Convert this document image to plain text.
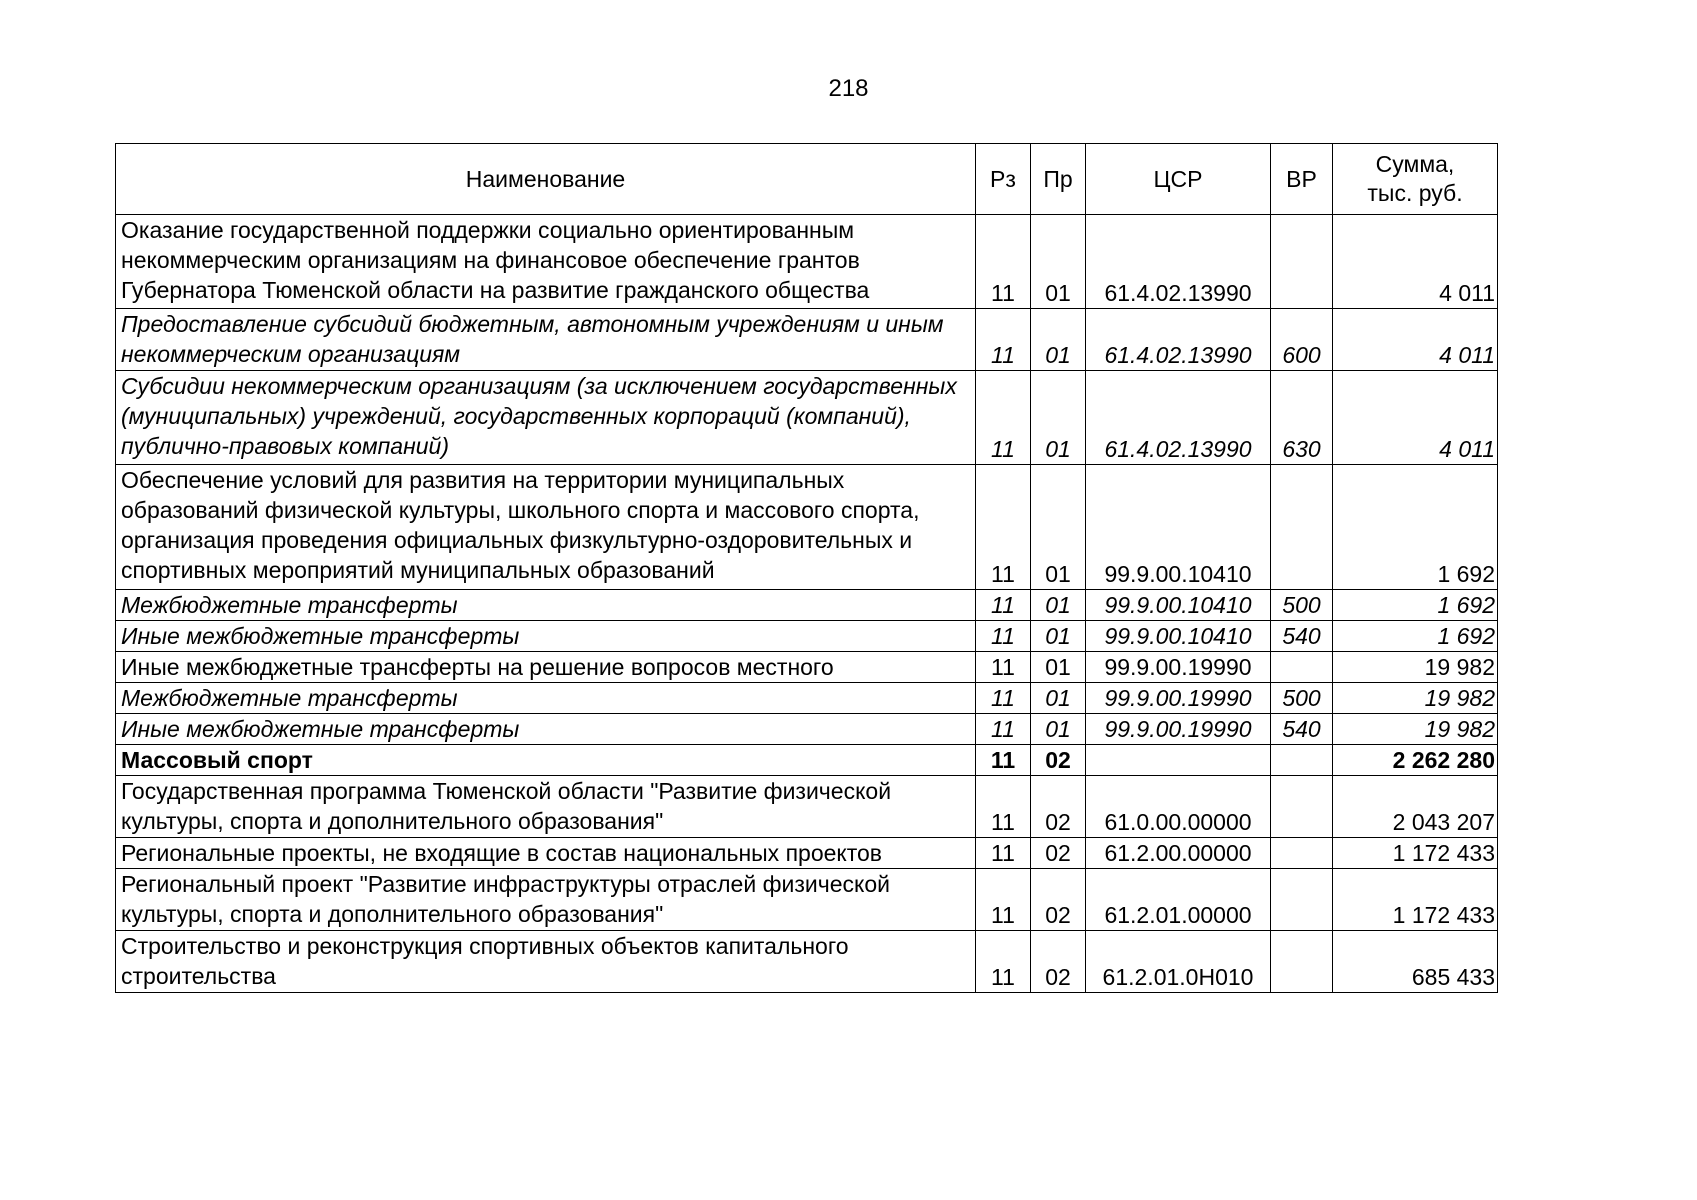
218
Наименование	Рз	Пр	ЦСР	ВР	Сумма,
тыс. руб.

Оказание государственной поддержки социально ориентированным некоммерческим организациям на финансовое обеспечение грантов Губернатора Тюменской области на развитие гражданского общества	11	01	61.4.02.13990		4 011
Предоставление субсидий бюджетным, автономным учреждениям и иным некоммерческим организациям	11	01	61.4.02.13990	600	4 011
Субсидии некоммерческим организациям (за исключением государственных (муниципальных) учреждений, государственных корпораций (компаний), публично-правовых компаний)	11	01	61.4.02.13990	630	4 011
Обеспечение условий для развития на территории муниципальных образований физической культуры, школьного спорта и массового спорта, организация проведения официальных физкультурно-оздоровительных и спортивных мероприятий муниципальных образований	11	01	99.9.00.10410		1 692
Межбюджетные трансферты	11	01	99.9.00.10410	500	1 692
Иные межбюджетные трансферты	11	01	99.9.00.10410	540	1 692
Иные межбюджетные трансферты на решение вопросов местного	11	01	99.9.00.19990		19 982
Межбюджетные трансферты	11	01	99.9.00.19990	500	19 982
Иные межбюджетные трансферты	11	01	99.9.00.19990	540	19 982
Массовый спорт	11	02			2 262 280
Государственная программа Тюменской области "Развитие физической культуры, спорта и дополнительного образования"	11	02	61.0.00.00000		2 043 207
Региональные проекты, не входящие в состав национальных проектов	11	02	61.2.00.00000		1 172 433
Региональный проект "Развитие инфраструктуры отраслей физической культуры, спорта и дополнительного образования"	11	02	61.2.01.00000		1 172 433
Строительство и реконструкция спортивных объектов капитального строительства	11	02	61.2.01.0Н010		685 433
